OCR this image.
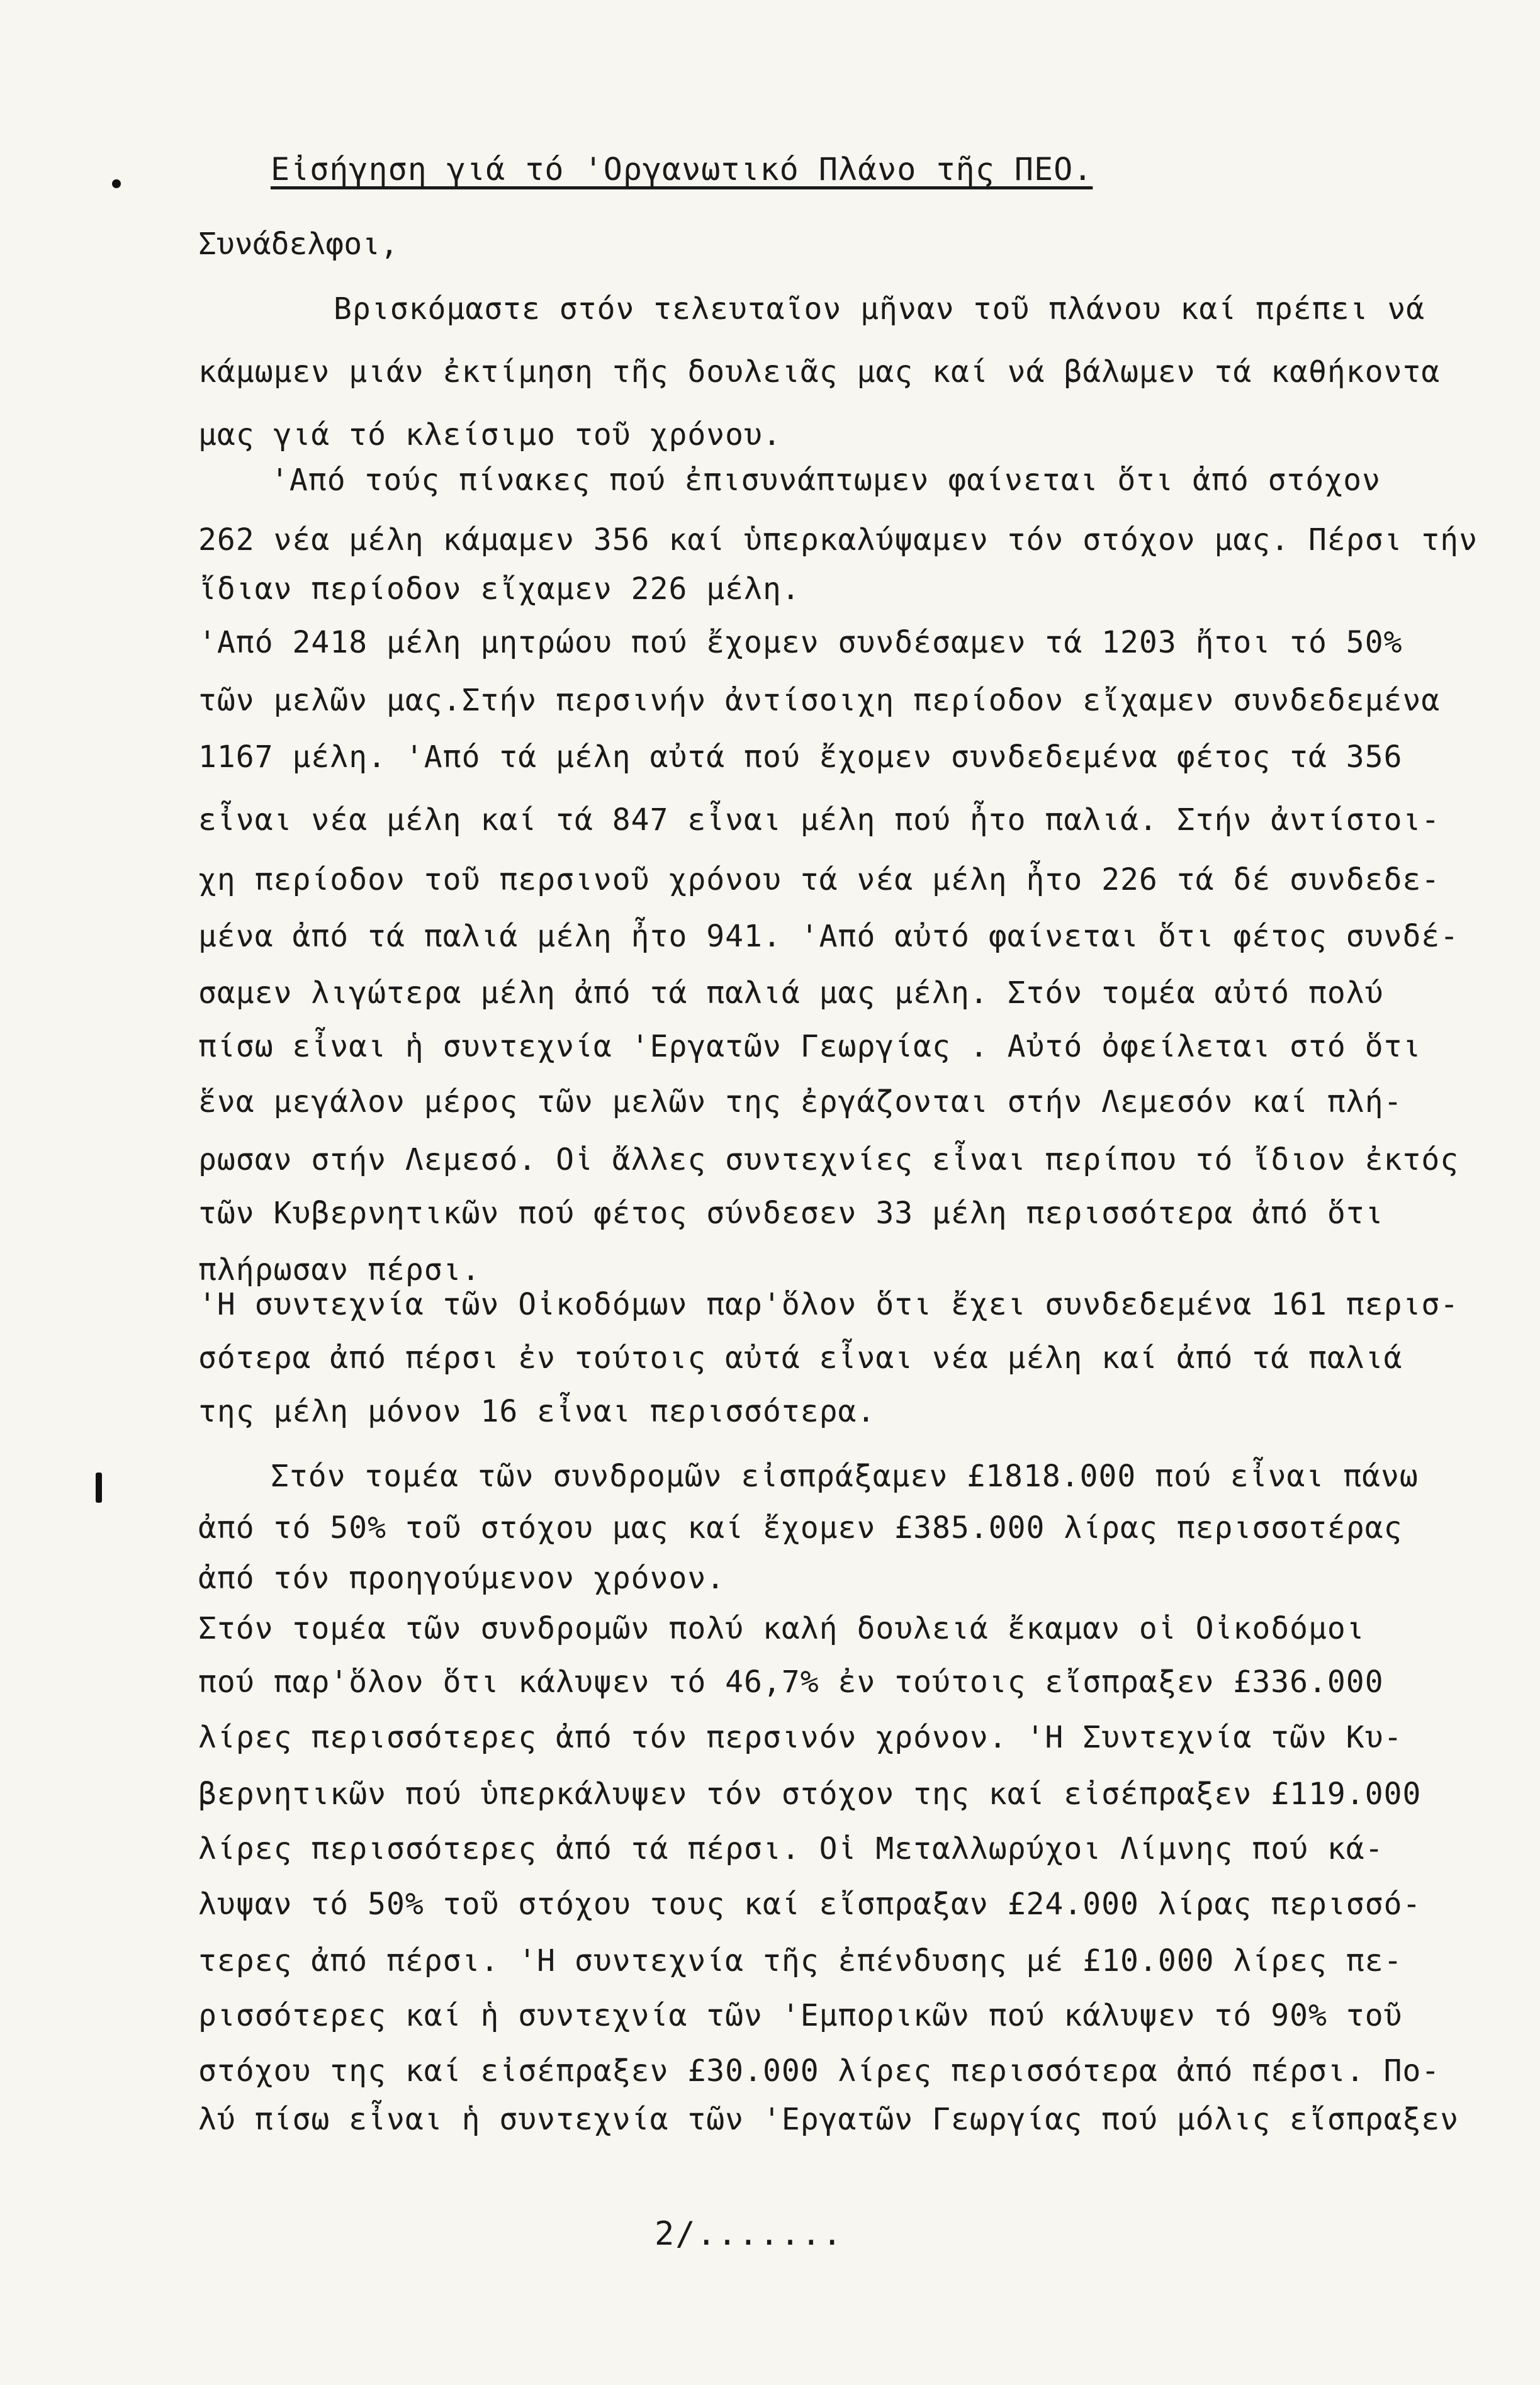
Εἰσήγηση γιά τό 'Οργανωτικό Πλάνο τῆς ΠΕΟ.
Συνάδελφοι,
Βρισκόμαστε στόν τελευταῖον μῆναν τοῦ πλάνου καί πρέπει νά
κάμωμεν μιάν ἐκτίμηση τῆς δουλειᾶς μας καί νά βάλωμεν τά καθήκοντα
μας γιά τό κλείσιμο τοῦ χρόνου.
'Από τούς πίνακες πού ἐπισυνάπτωμεν φαίνεται ὅτι ἀπό στόχον
262 νέα μέλη κάμαμεν 356 καί ὑπερκαλύψαμεν τόν στόχον μας. Πέρσι τήν
ἴδιαν περίοδον εἴχαμεν 226 μέλη.
'Από 2418 μέλη μητρώου πού ἔχομεν συνδέσαμεν τά 1203 ἤτοι τό 50%
τῶν μελῶν μας.Στήν περσινήν ἀντίσοιχη περίοδον εἴχαμεν συνδεδεμένα
1167 μέλη. 'Από τά μέλη αὐτά πού ἔχομεν συνδεδεμένα φέτος τά 356
εἶναι νέα μέλη καί τά 847 εἶναι μέλη πού ἦτο παλιά. Στήν ἀντίστοι-
χη περίοδον τοῦ περσινοῦ χρόνου τά νέα μέλη ἦτο 226 τά δέ συνδεδε-
μένα ἀπό τά παλιά μέλη ἦτο 941. 'Από αὐτό φαίνεται ὅτι φέτος συνδέ-
σαμεν λιγώτερα μέλη ἀπό τά παλιά μας μέλη. Στόν τομέα αὐτό πολύ
πίσω εἶναι ἡ συντεχνία 'Εργατῶν Γεωργίας . Αὐτό ὀφείλεται στό ὅτι
ἕνα μεγάλον μέρος τῶν μελῶν της ἐργάζονται στήν Λεμεσόν καί πλή-
ρωσαν στήν Λεμεσό. Οἱ ἄλλες συντεχνίες εἶναι περίπου τό ἴδιον ἐκτός
τῶν Κυβερνητικῶν πού φέτος σύνδεσεν 33 μέλη περισσότερα ἀπό ὅτι
πλήρωσαν πέρσι.
'Η συντεχνία τῶν Οἰκοδόμων παρ'ὅλον ὅτι ἔχει συνδεδεμένα 161 περισ-
σότερα ἀπό πέρσι ἐν τούτοις αὐτά εἶναι νέα μέλη καί ἀπό τά παλιά
της μέλη μόνον 16 εἶναι περισσότερα.
Στόν τομέα τῶν συνδρομῶν εἰσπράξαμεν £1818.000 πού εἶναι πάνω
ἀπό τό 50% τοῦ στόχου μας καί ἔχομεν £385.000 λίρας περισσοτέρας
ἀπό τόν προηγούμενον χρόνον.
Στόν τομέα τῶν συνδρομῶν πολύ καλή δουλειά ἔκαμαν οἱ Οἰκοδόμοι
πού παρ'ὅλον ὅτι κάλυψεν τό 46,7% ἐν τούτοις εἴσπραξεν £336.000
λίρες περισσότερες ἀπό τόν περσινόν χρόνον. 'Η Συντεχνία τῶν Κυ-
βερνητικῶν πού ὑπερκάλυψεν τόν στόχον της καί εἰσέπραξεν £119.000
λίρες περισσότερες ἀπό τά πέρσι. Οἱ Μεταλλωρύχοι Λίμνης πού κά-
λυψαν τό 50% τοῦ στόχου τους καί εἴσπραξαν £24.000 λίρας περισσό-
τερες ἀπό πέρσι. 'Η συντεχνία τῆς ἐπένδυσης μέ £10.000 λίρες πε-
ρισσότερες καί ἡ συντεχνία τῶν 'Εμπορικῶν πού κάλυψεν τό 90% τοῦ
στόχου της καί εἰσέπραξεν £30.000 λίρες περισσότερα ἀπό πέρσι. Πο-
λύ πίσω εἶναι ἡ συντεχνία τῶν 'Εργατῶν Γεωργίας πού μόλις εἴσπραξεν
2/.......
